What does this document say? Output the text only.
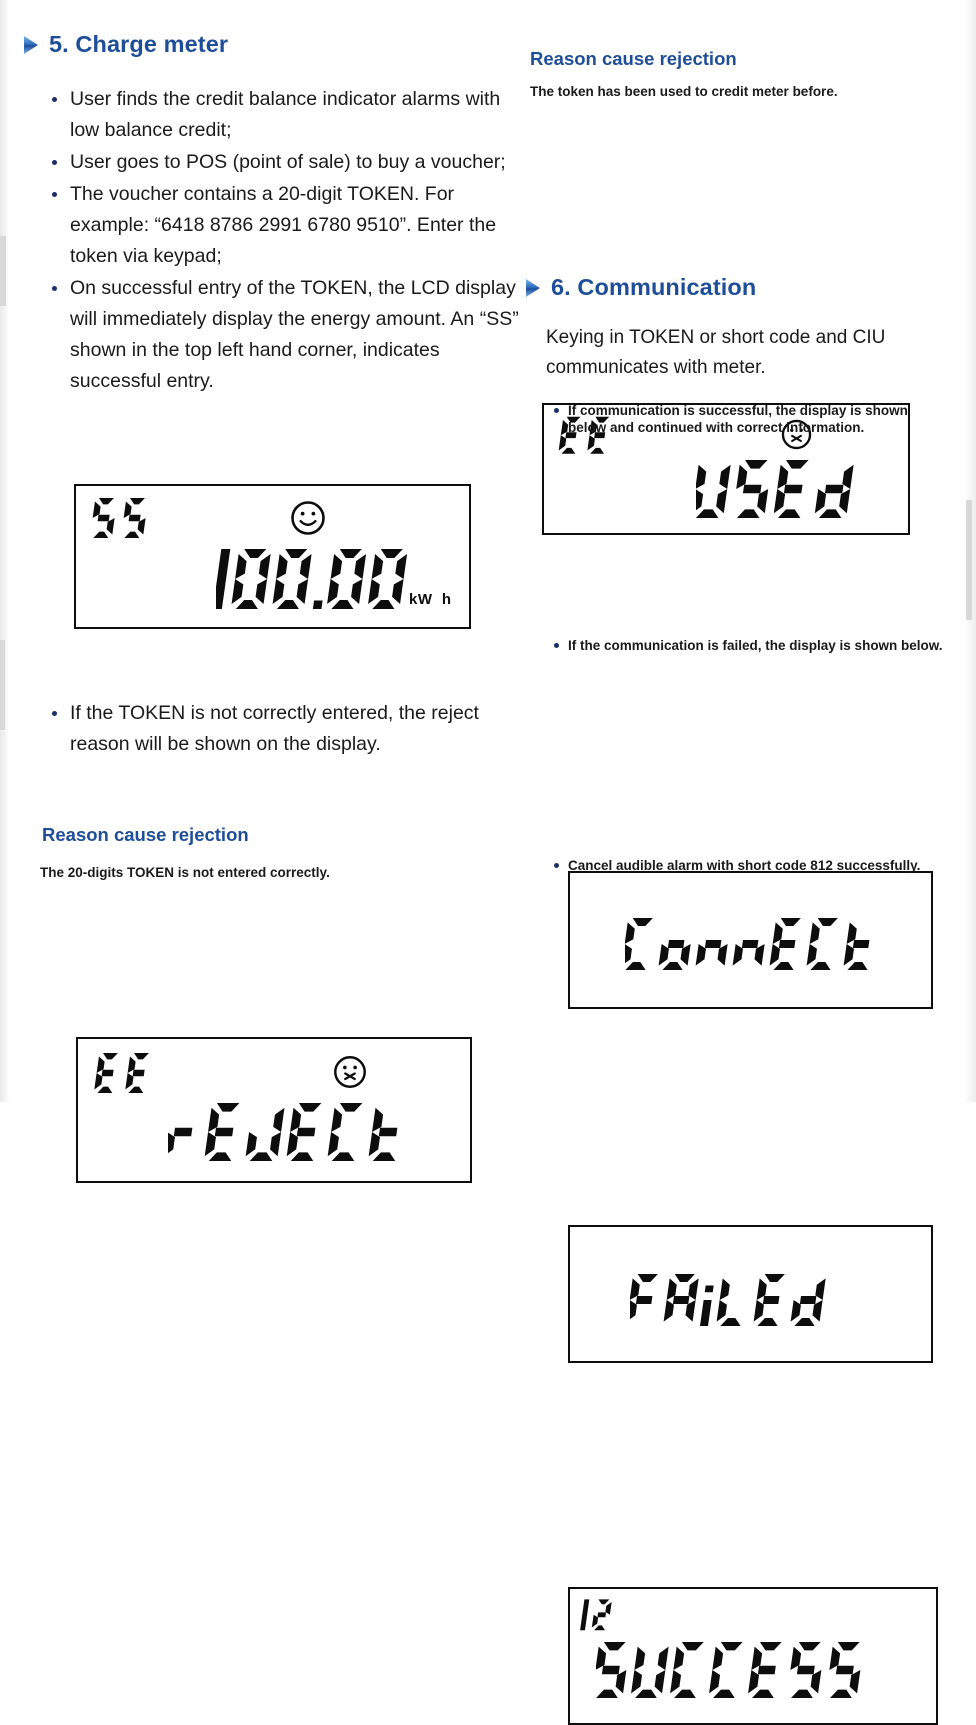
5. Charge meter
User finds the credit balance indicator alarms with low balance credit;
User goes to POS (point of sale) to buy a voucher;
The voucher contains a 20-digit TOKEN. For example: “6418 8786 2991 6780 9510”. Enter the token via keypad;
On successful entry of the TOKEN, the LCD display will immediately display the energy amount. An “SS” shown in the top left hand corner, indicates successful entry.
kW  h
If the TOKEN is not correctly entered, the reject reason will be shown on the display.
Reason cause rejection
The 20-digits TOKEN is not entered correctly.
Reason cause rejection
The token has been used to credit meter before.
6. Communication

Keying in TOKEN or short code and CIU communicates with meter.

If communication is successful, the display is shown below and continued with correct information.
If the communication is failed, the display is shown below.
Cancel audible alarm with short code 812 successfully.
